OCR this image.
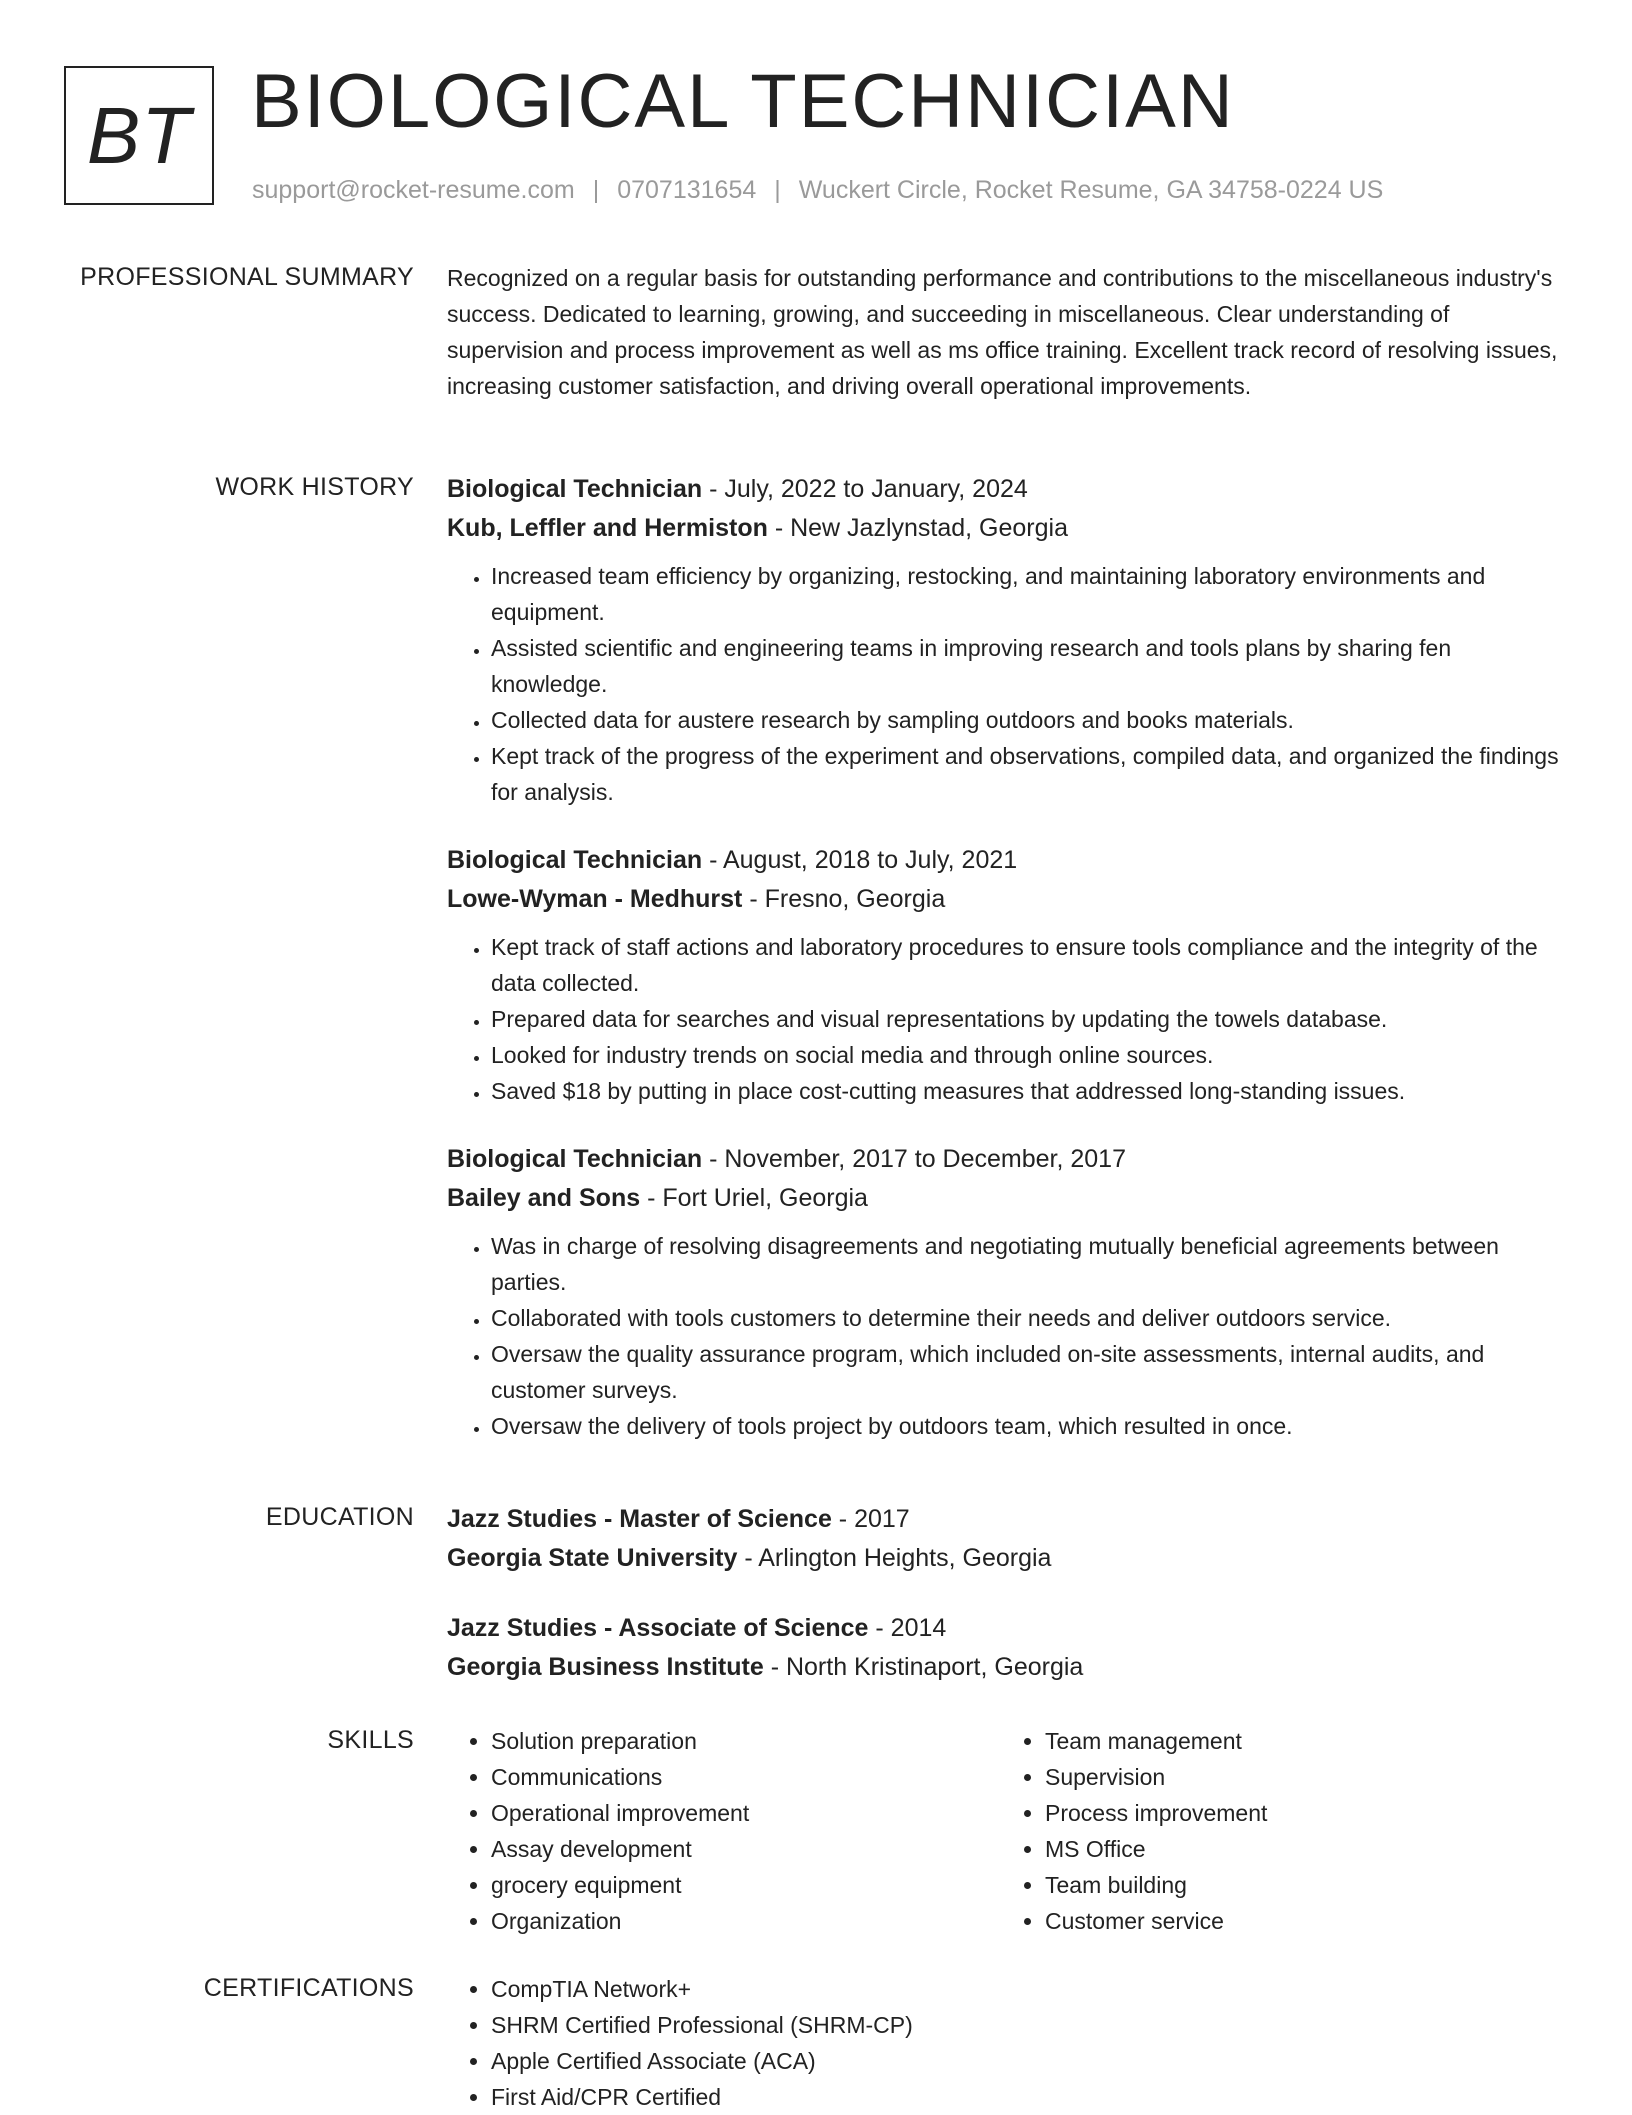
BT BIOLOGICAL TECHNICIAN
support@rocket-resume.com | 0707131654 | Wuckert Circle, Rocket Resume, GA 34758-0224 US
PROFESSIONAL SUMMARY Recognized on a regular basis for outstanding performance and contributions to the miscellaneous industry's success. Dedicated to learning, growing, and succeeding in miscellaneous. Clear understanding of supervision and process improvement as well as ms office training. Excellent track record of resolving issues, increasing customer satisfaction, and driving overall operational improvements.

WORK HISTORY Biological Technician - July, 2022 to January, 2024

Kub, Leffler and Hermiston - New Jazlynstad, Georgia

• Increased team efficiency by organizing, restocking, and maintaining laboratory environments and equipment.
• Assisted scientific and engineering teams in improving research and tools plans by sharing fen knowledge.
• Collected data for austere research by sampling outdoors and books materials.
• Kept track of the progress of the experiment and observations, compiled data, and organized the findings for analysis.

Biological Technician - August, 2018 to July, 2021

Lowe-Wyman - Medhurst - Fresno, Georgia

• Kept track of staff actions and laboratory procedures to ensure tools compliance and the integrity of the data collected.
• Prepared data for searches and visual representations by updating the towels database.
• Looked for industry trends on social media and through online sources.
• Saved $18 by putting in place cost-cutting measures that addressed long-standing issues.

Biological Technician - November, 2017 to December, 2017

Bailey and Sons - Fort Uriel, Georgia

• Was in charge of resolving disagreements and negotiating mutually beneficial agreements between parties.
• Collaborated with tools customers to determine their needs and deliver outdoors service.
• Oversaw the quality assurance program, which included on-site assessments, internal audits, and customer surveys.
• Oversaw the delivery of tools project by outdoors team, which resulted in once.
EDUCATION Jazz Studies - Master of Science - 2017

Georgia State University - Arlington Heights, Georgia

Jazz Studies - Associate of Science - 2014

Georgia Business Institute - North Kristinaport, Georgia

SKILLS	• Solution preparation
• Communications
• Operational improvement
• Assay development
• grocery equipment
• Organization
• Team management
• Supervision
• Process improvement
• MS Office
• Team building
• Customer service
CERTIFICATIONS	• CompTIA Network+
• SHRM Certified Professional (SHRM-CP)
• Apple Certified Associate (ACA)
• First Aid/CPR Certified
